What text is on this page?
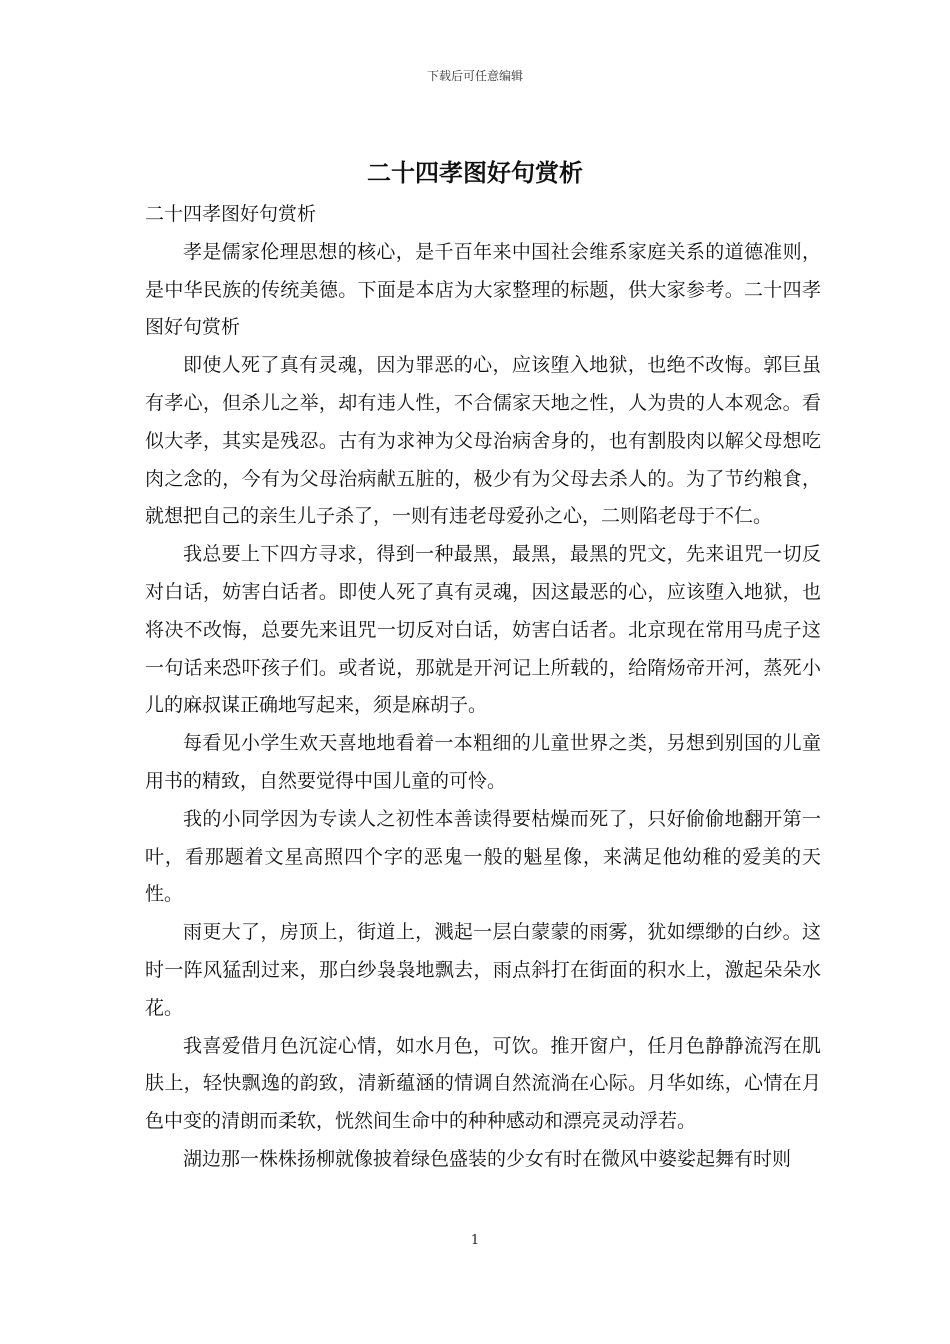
下载后可任意编辑
二十四孝图好句赏析

二十四孝图好句赏析

孝是儒家伦理思想的核心，是千百年来中国社会维系家庭关系的道德准则，是中华民族的传统美德。下面是本店为大家整理的标题，供大家参考。二十四孝图好句赏析

即使人死了真有灵魂，因为罪恶的心，应该堕入地狱，也绝不改悔。郭巨虽有孝心，但杀儿之举，却有违人性，不合儒家天地之性，人为贵的人本观念。看似大孝，其实是残忍。古有为求神为父母治病舍身的，也有割股肉以解父母想吃肉之念的，今有为父母治病献五脏的，极少有为父母去杀人的。为了节约粮食，就想把自己的亲生儿子杀了，一则有违老母爱孙之心，二则陷老母于不仁。

我总要上下四方寻求，得到一种最黑，最黑，最黑的咒文，先来诅咒一切反对白话，妨害白话者。即使人死了真有灵魂，因这最恶的心，应该堕入地狱，也将决不改悔，总要先来诅咒一切反对白话，妨害白话者。北京现在常用马虎子这一句话来恐吓孩子们。或者说，那就是开河记上所载的，给隋炀帝开河，蒸死小儿的麻叔谋正确地写起来，须是麻胡子。

每看见小学生欢天喜地地看着一本粗细的儿童世界之类，另想到别国的儿童用书的精致，自然要觉得中国儿童的可怜。

我的小同学因为专读人之初性本善读得要枯燥而死了，只好偷偷地翻开第一叶，看那题着文星高照四个字的恶鬼一般的魁星像，来满足他幼稚的爱美的天性。

雨更大了，房顶上，街道上，溅起一层白蒙蒙的雨雾，犹如缥缈的白纱。这时一阵风猛刮过来，那白纱袅袅地飘去，雨点斜打在街面的积水上，激起朵朵水花。

我喜爱借月色沉淀心情，如水月色，可饮。推开窗户，任月色静静流泻在肌肤上，轻快飘逸的韵致，清新蕴涵的情调自然流淌在心际。月华如练，心情在月色中变的清朗而柔软，恍然间生命中的种种感动和漂亮灵动浮若。

湖边那一株株扬柳就像披着绿色盛装的少女有时在微风中婆娑起舞有时则

1
